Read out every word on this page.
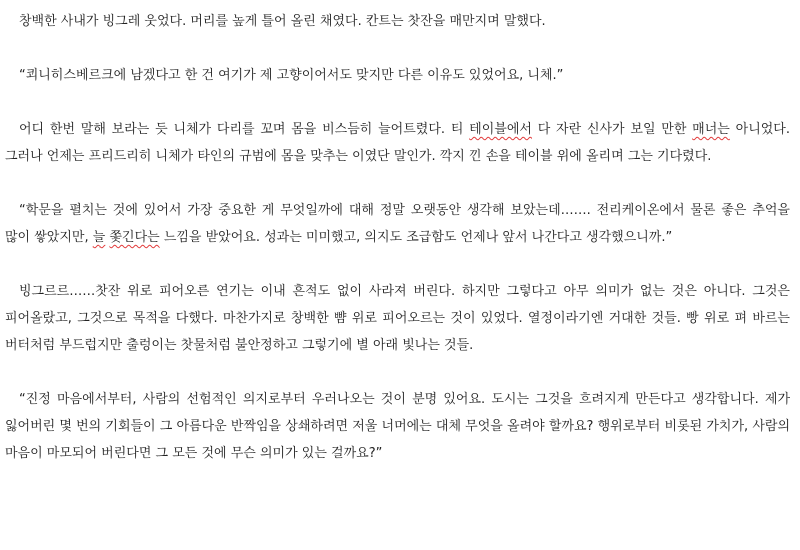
창백한 사내가 빙그레 웃었다. 머리를 높게 틀어 올린 채였다. 칸트는 찻잔을 매만지며 말했다.

“쾨니히스베르크에 남겠다고 한 건 여기가 제 고향이어서도 맞지만 다른 이유도 있었어요, 니체.”

어디 한번 말해 보라는 듯 니체가 다리를 꼬며 몸을 비스듬히 늘어트렸다. 티 테이블에서 다 자란 신사가 보일 만한 매너는 아니었다. 그러나 언제는 프리드리히 니체가 타인의 규범에 몸을 맞추는 이였단 말인가. 깍지 낀 손을 테이블 위에 올리며 그는 기다렸다.

“학문을 펼치는 것에 있어서 가장 중요한 게 무엇일까에 대해 정말 오랫동안 생각해 보았는데……. 전리케이온에서 물론 좋은 추억을 많이 쌓았지만, 늘 쫓긴다는 느낌을 받았어요. 성과는 미미했고, 의지도 조급함도 언제나 앞서 나간다고 생각했으니까.”

빙그르르……찻잔 위로 피어오른 연기는 이내 흔적도 없이 사라져 버린다. 하지만 그렇다고 아무 의미가 없는 것은 아니다. 그것은 피어올랐고, 그것으로 목적을 다했다. 마찬가지로 창백한 뺨 위로 피어오르는 것이 있었다. 열정이라기엔 거대한 것들. 빵 위로 펴 바르는 버터처럼 부드럽지만 출렁이는 찻물처럼 불안정하고 그렇기에 별 아래 빛나는 것들.

“진정 마음에서부터, 사람의 선험적인 의지로부터 우러나오는 것이 분명 있어요. 도시는 그것을 흐려지게 만든다고 생각합니다. 제가 잃어버린 몇 번의 기회들이 그 아름다운 반짝임을 상쇄하려면 저울 너머에는 대체 무엇을 올려야 할까요? 행위로부터 비롯된 가치가, 사람의 마음이 마모되어 버린다면 그 모든 것에 무슨 의미가 있는 걸까요?”
